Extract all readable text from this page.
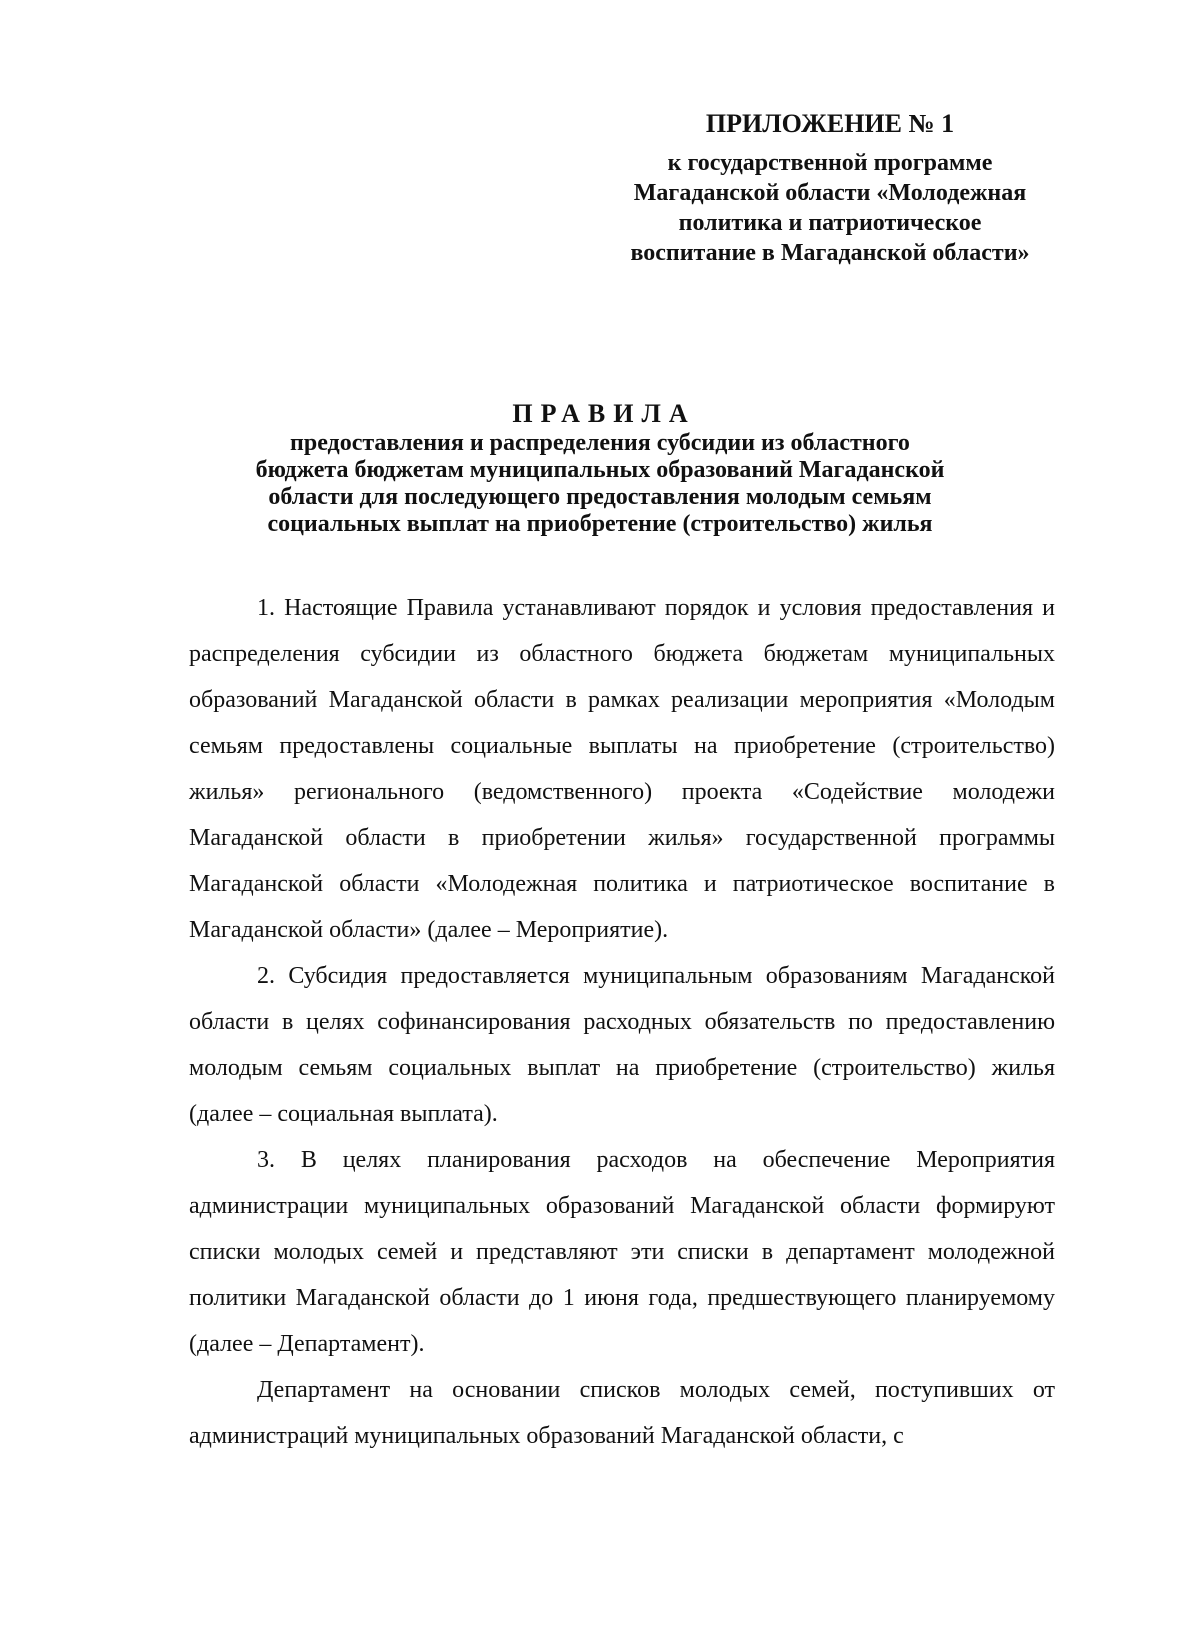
ПРИЛОЖЕНИЕ № 1
к государственной программе
Магаданской области «Молодежная
политика и патриотическое
воспитание в Магаданской области»
ПРАВИЛА
предоставления и распределения субсидии из областного
бюджета бюджетам муниципальных образований Магаданской
области для последующего предоставления молодым семьям
социальных выплат на приобретение (строительство) жилья

1. Настоящие Правила устанавливают порядок и условия предоставления и распределения субсидии из областного бюджета бюджетам муниципальных образований Магаданской области в рамках реализации мероприятия «Молодым семьям предоставлены социальные выплаты на приобретение (строительство) жилья» регионального (ведомственного) проекта «Содействие молодежи Магаданской области в приобретении жилья» государственной программы Магаданской области «Молодежная политика и патриотическое воспитание в Магаданской области» (далее – Мероприятие).

2. Субсидия предоставляется муниципальным образованиям Магаданской области в целях софинансирования расходных обязательств по предоставлению молодым семьям социальных выплат на приобретение (строительство) жилья (далее – социальная выплата).

3. В целях планирования расходов на обеспечение Мероприятия администрации муниципальных образований Магаданской области формируют списки молодых семей и представляют эти списки в департамент молодежной политики Магаданской области до 1 июня года, предшествующего планируемому (далее – Департамент).

Департамент на основании списков молодых семей, поступивших от администраций муниципальных образований Магаданской области, с
